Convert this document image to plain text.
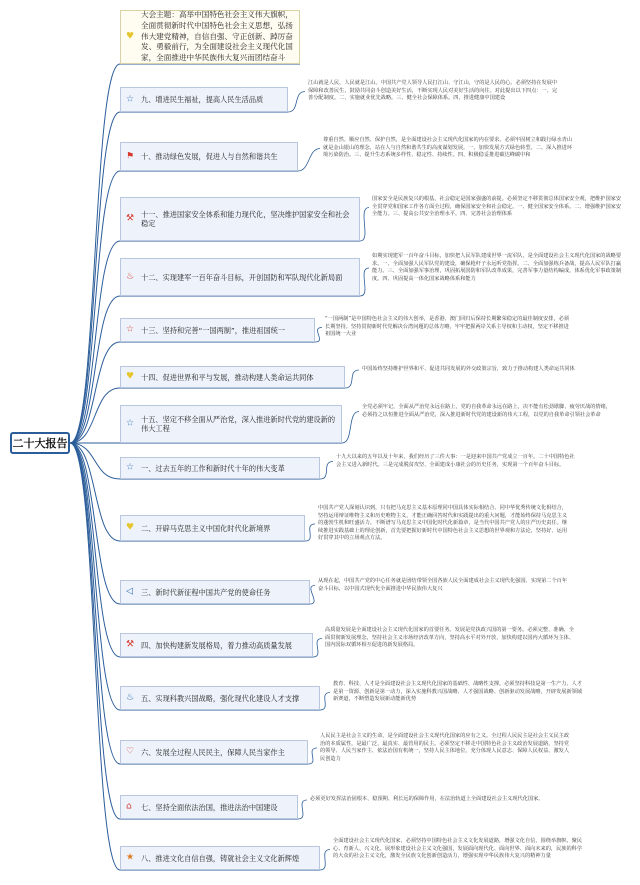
二十大报告
♥
大会主题：高举中国特色社会主义伟大旗帜，全面贯彻新时代中国特色社会主义思想，弘扬伟大建党精神，自信自强、守正创新、踔厉奋发、勇毅前行，为全面建设社会主义现代化国家，全面推进中华民族伟大复兴而团结奋斗
☆ 九、增进民生福祉，提高人民生活品质
⚑ 十、推动绿色发展，促进人与自然和谐共生
⚒ 十一、推进国家安全体系和能力现代化，坚决维护国家安全和社会稳定
♨ 十二、实现建军一百年奋斗目标，开创国防和军队现代化新局面
☆ 十三、坚持和完善“一国两制”，推进祖国统一
♥ 十四、促进世界和平与发展，推动构建人类命运共同体
☆ 十五、坚定不移全面从严治党，深入推进新时代党的建设新的伟大工程
☆ 一、过去五年的工作和新时代十年的伟大变革
♥ 二、开辟马克思主义中国化时代化新境界
◁ 三、新时代新征程中国共产党的使命任务
⚒ 四、加快构建新发展格局，着力推动高质量发展
♨ 五、实现科教兴国战略，强化现代化建设人才支撑
♡ 六、发展全过程人民民主，保障人民当家作主
⌂ 七、坚持全面依法治国，推进法治中国建设
★ 八、推进文化自信自强，铸就社会主义文化新辉煌
江山就是人民，人民就是江山。中国共产党人领导人民打江山、守江山，守的是人民的心。必须坚持在发展中保障和改善民生，鼓励共同奋斗创造美好生活，不断实现人民对美好生活的向往。对此提出以下四点：一、完善分配制度。二、实施就业优先战略。三、健全社会保障体系。四、推进健康中国建设
尊重自然、顺应自然、保护自然，是全面建设社会主义现代化国家的内在要求。必须牢固树立和践行绿水青山就是金山银山的理念，站在人与自然和谐共生的高度谋划发展。一、加快发展方式绿色转型。二、深入推进环境污染防治。三、提升生态系统多样性、稳定性、持续性。四、积极稳妥推进碳达峰碳中和
国家安全是民族复兴的根基，社会稳定是国家强盛的前提。必须坚定不移贯彻总体国家安全观，把维护国家安全贯穿党和国家工作各方面全过程，确保国家安全和社会稳定。一、健全国家安全体系。二、增强维护国家安全能力。三、提高公共安全治理水平。四、完善社会治理体系
如期实现建军一百年奋斗目标，加快把人民军队建成世界一流军队，是全面建设社会主义现代化国家的战略要求。一、全面加强人民军队党的建设，确保枪杆子永远听党指挥。二、全面加强练兵备战，提高人民军队打赢能力。三、全面加强军事治理，巩固拓展国防和军队改革成果，完善军事力量结构编成，体系优化军事政策制度。四、巩固提高一体化国家战略体系和能力
“一国两制”是中国特色社会主义的伟大创举，是香港、澳门回归后保持长期繁荣稳定的最佳制度安排，必须长期坚持。坚持贯彻新时代党解决台湾问题的总体方略，牢牢把握两岸关系主导权和主动权，坚定不移推进祖国统一大业
中国始终坚持维护世界和平、促进共同发展的外交政策宗旨，致力于推动构建人类命运共同体
全党必须牢记，全面从严治党永远在路上，党的自我革命永远在路上，决不能有松劲歇脚、疲劳厌战的情绪，必须持之以恒推进全面从严治党，深入推进新时代党的建设新的伟大工程，以党的自我革命引领社会革命
十九大以来的五年以及十年来，我们经历了三件大事：一是迎来中国共产党成立一百年。二十中国特色社会主义进入新时代。三是完成脱贫攻坚、全面建成小康社会的历史任务，实现第一个百年奋斗目标。
中国共产党人深刻认识到，只有把马克思主义基本原理同中国具体实际相结合、同中华优秀传统文化相结合，坚持运用辩证唯物主义和历史唯物主义，才能正确回答时代和实践提出的重大问题，才能始终保持马克思主义的蓬勃生机和旺盛活力。不断谱写马克思主义中国化时代化新篇章，是当代中国共产党人的庄严历史责任。继续推进实践基础上的理论创新，首先要把握好新时代中国特色社会主义思想的世界观和方法论，坚持好、运用好贯穿其中的立场观点方法。
从现在起，中国共产党的中心任务就是团结带领全国各族人民全面建成社会主义现代化强国、实现第二个百年奋斗目标，以中国式现代化全面推进中华民族伟大复兴
高质量发展是全面建设社会主义现代化国家的首要任务。发展是党执政兴国的第一要务。必须完整、准确、全面贯彻新发展理念，坚持社会主义市场经济改革方向，坚持高水平对外开放，加快构建以国内大循环为主体、国内国际双循环相互促进的新发展格局。
教育、科技、人才是全面建设社会主义现代化国家的基础性、战略性支撑。必须坚持科技是第一生产力、人才是第一资源、创新是第一动力，深入实施科教兴国战略、人才强国战略、创新驱动发展战略，开辟发展新领域新赛道，不断塑造发展新动能新优势
人民民主是社会主义的生命，是全面建设社会主义现代化国家的应有之义。全过程人民民主是社会主义民主政治的本质属性，是最广泛、最真实、最管用的民主。必须坚定不移走中国特色社会主义政治发展道路，坚持党的领导、人民当家作主、依法治国有机统一，坚持人民主体地位，充分体现人民意志、保障人民权益、激发人民创造力
必须更好发挥法治固根本、稳预期、利长远的保障作用，在法治轨道上全面建设社会主义现代化国家。
全面建设社会主义现代化国家，必须坚持中国特色社会主义文化发展道路，增强文化自信，围绕举旗帜、聚民心、育新人、兴文化、展形象建设社会主义文化强国，发展面向现代化、面向世界、面向未来的，民族的科学的大众的社会主义文化，激发全民族文化创新创造活力，增强实现中华民族伟大复兴的精神力量
